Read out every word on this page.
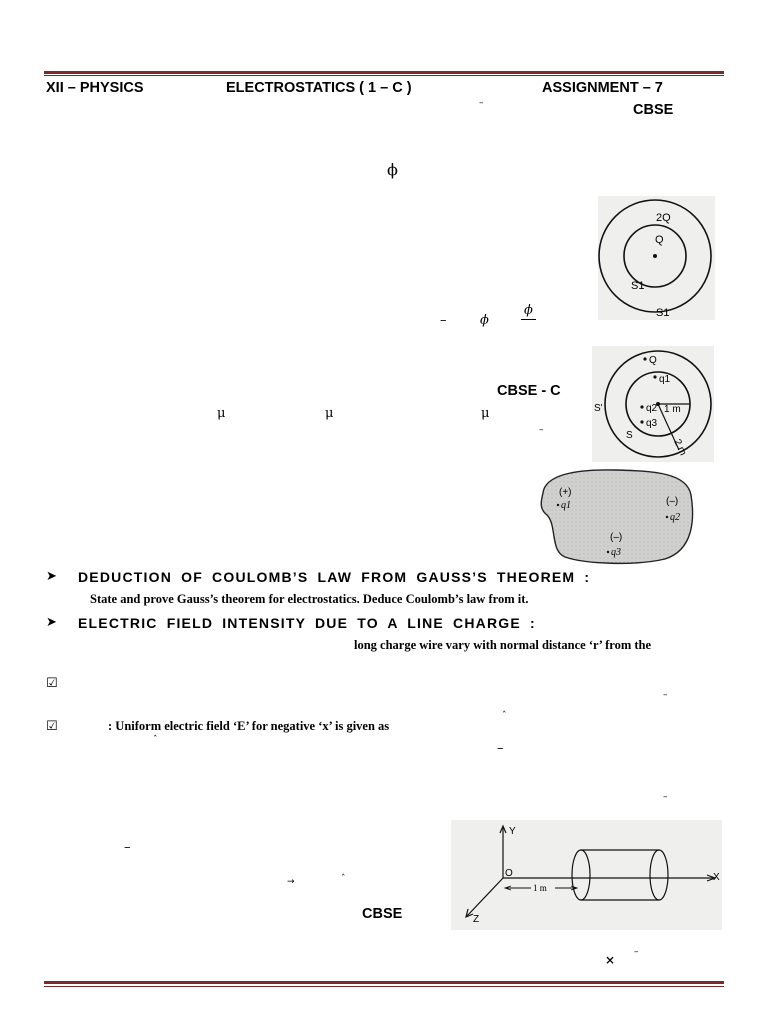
XII – PHYSICS	ELECTROSTATICS ( 1 – C )	ASSIGNMENT – 7
CBSE
–
ϕ
–	ϕ
ϕ
CBSE - C
μ	μ	μ
–
2Q
Q
S1
S1
Q
q1
q2 1 m
q3
2 m
S
S'
(+)
q1	(–)
q2
(–)
q3
➤ DEDUCTION OF COULOMB’S LAW FROM GAUSS’S THEOREM :
State and prove Gauss’s theorem for electrostatics. Deduce Coulomb’s law from it.
➤ ELECTRIC FIELD INTENSITY DUE TO A LINE CHARGE :
long charge wire vary with normal distance ‘r’ from the
☑
–
☑	: Uniform electric field ‘E’ for negative ‘x’ is given as
ˆ
ˆ
–
–
–
→	ˆ
Y
X
Z
O
1 m
CBSE
×
–
